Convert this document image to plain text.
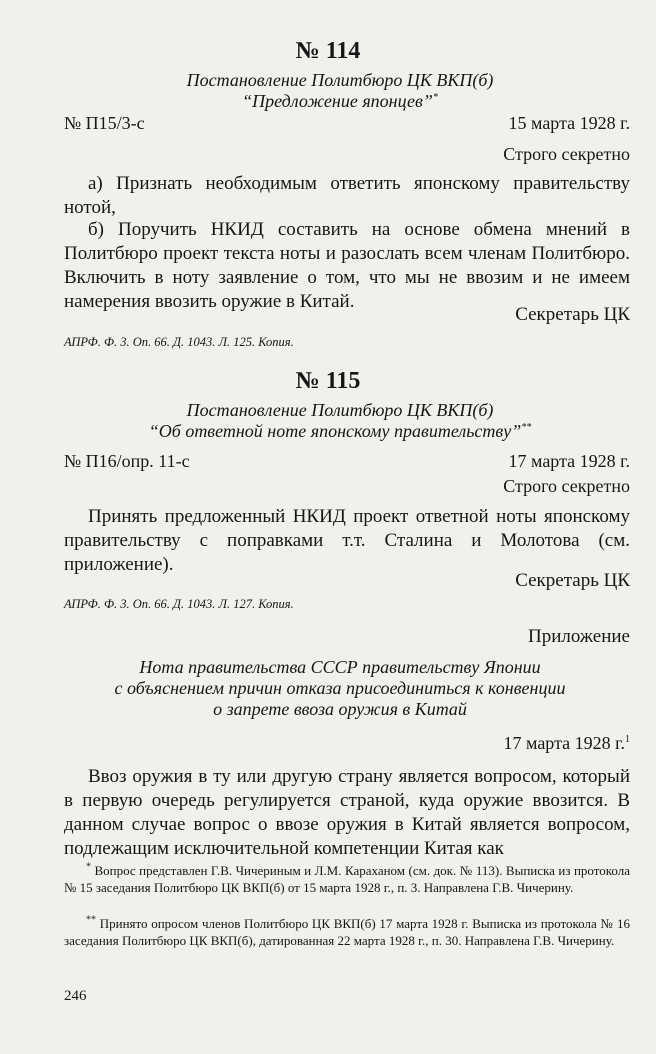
№ 114
Постановление Политбюро ЦК ВКП(б)
“Предложение японцев”*
№ П15/3-с	15 марта 1928 г.
Строго секретно
а) Признать необходимым ответить японскому правительству нотой,
б) Поручить НКИД составить на основе обмена мнений в Политбюро проект текста ноты и разослать всем членам Политбюро. Включить в ноту заявление о том, что мы не ввозим и не имеем намерения ввозить оружие в Китай.
Секретарь ЦК
АПРФ. Ф. 3. Оп. 66. Д. 1043. Л. 125. Копия.
№ 115
Постановление Политбюро ЦК ВКП(б)
“Об ответной ноте японскому правительству”**
№ П16/опр. 11-с	17 марта 1928 г.
Строго секретно
Принять предложенный НКИД проект ответной ноты японскому правительству с поправками т.т. Сталина и Молотова (см. приложение).
Секретарь ЦК
АПРФ. Ф. 3. Оп. 66. Д. 1043. Л. 127. Копия.
Приложение
Нота правительства СССР правительству Японии
с объяснением причин отказа присоединиться к конвенции
о запрете ввоза оружия в Китай
17 марта 1928 г.$^1$
Ввоз оружия в ту или другую страну является вопросом, который в первую очередь регулируется страной, куда оружие ввозится. В данном случае вопрос о ввозе оружия в Китай является вопросом, подлежащим исключительной компетенции Китая как
* Вопрос представлен Г.В. Чичериным и Л.М. Караханом (см. док. № 113). Выписка из протокола № 15 заседания Политбюро ЦК ВКП(б) от 15 марта 1928 г., п. 3. Направлена Г.В. Чичерину.
** Принято опросом членов Политбюро ЦК ВКП(б) 17 марта 1928 г. Выписка из протокола № 16 заседания Политбюро ЦК ВКП(б), датированная 22 марта 1928 г., п. 30. Направлена Г.В. Чичерину.
246
